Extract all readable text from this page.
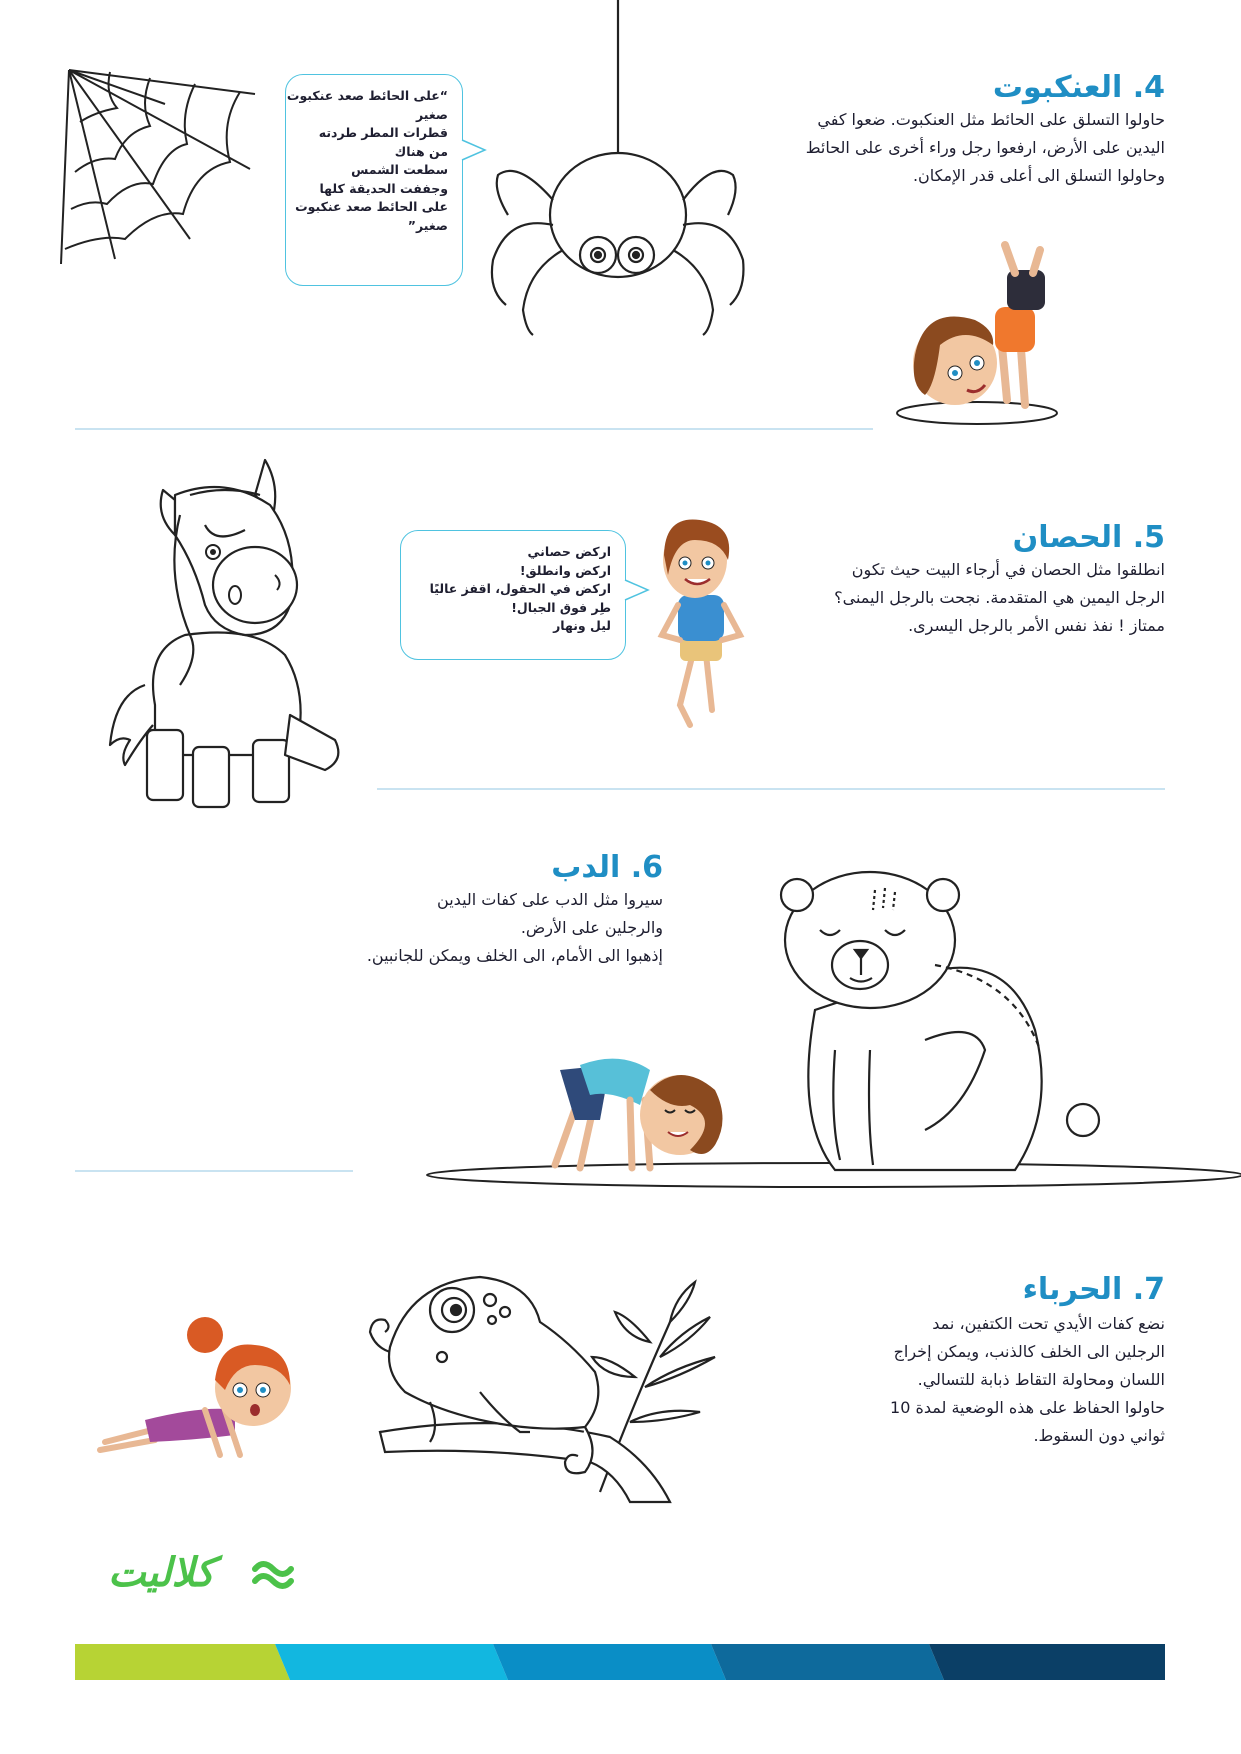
4. العنكبوت
حاولوا التسلق على الحائط مثل العنكبوت. ضعوا كفي
اليدين على الأرض، ارفعوا رجل وراء أخرى على الحائط
وحاولوا التسلق الى أعلى قدر الإمكان.
“على الحائط صعد عنكبوت
صغير
قطرات المطر طردته
من هناك
سطعت الشمس
وجففت الحديقة كلها
على الحائط صعد عنكبوت
صغير”
5. الحصان
انطلقوا مثل الحصان في أرجاء البيت حيث تكون
الرجل اليمين هي المتقدمة. نجحت بالرجل اليمنى؟
ممتاز ! نفذ نفس الأمر بالرجل اليسرى.
اركض حصاني
اركض وانطلق!
اركض في الحقول، اقفز عاليًا
طِر فوق الجبال!
ليل ونهار
6. الدب
سيروا مثل الدب على كفات اليدين
والرجلين على الأرض.
إذهبوا الى الأمام، الى الخلف ويمكن للجانبين.
7. الحرباء
نضع كفات الأيدي تحت الكتفين، نمد
الرجلين الى الخلف كالذنب، ويمكن إخراج
اللسان ومحاولة التقاط ذبابة للتسالي.
حاولوا الحفاظ على هذه الوضعية لمدة 10
ثواني دون السقوط.
كلاليت
